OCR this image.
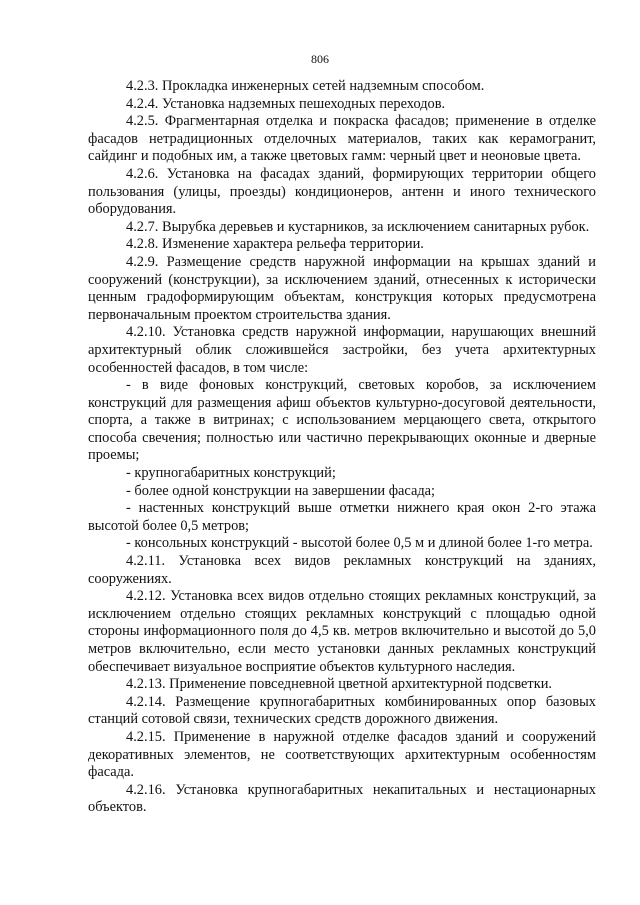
806

4.2.3. Прокладка инженерных сетей надземным способом.

4.2.4. Установка надземных пешеходных переходов.

4.2.5. Фрагментарная отделка и покраска фасадов; применение в отделке фасадов нетрадиционных отделочных материалов, таких как керамогранит, сайдинг и подобных им, а также цветовых гамм: черный цвет и неоновые цвета.

4.2.6. Установка на фасадах зданий, формирующих территории общего пользования (улицы, проезды) кондиционеров, антенн и иного технического оборудования.

4.2.7. Вырубка деревьев и кустарников, за исключением санитарных рубок.

4.2.8. Изменение характера рельефа территории.

4.2.9. Размещение средств наружной информации на крышах зданий и сооружений (конструкции), за исключением зданий, отнесенных к исторически ценным градоформирующим объектам, конструкция которых предусмотрена первоначальным проектом строительства здания.

4.2.10. Установка средств наружной информации, нарушающих внешний архитектурный облик сложившейся застройки, без учета архитектурных особенностей фасадов, в том числе:

- в виде фоновых конструкций, световых коробов, за исключением конструкций для размещения афиш объектов культурно-досуговой деятельности, спорта, а также в витринах; с использованием мерцающего света, открытого способа свечения; полностью или частично перекрывающих оконные и дверные проемы;

- крупногабаритных конструкций;

- более одной конструкции на завершении фасада;

- настенных конструкций выше отметки нижнего края окон 2-го этажа высотой более 0,5 метров;

- консольных конструкций - высотой более 0,5 м и длиной более 1-го метра.

4.2.11. Установка всех видов рекламных конструкций на зданиях, сооружениях.

4.2.12. Установка всех видов отдельно стоящих рекламных конструкций, за исключением отдельно стоящих рекламных конструкций с площадью одной стороны информационного поля до 4,5 кв. метров включительно и высотой до 5,0 метров включительно, если место установки данных рекламных конструкций обеспечивает визуальное восприятие объектов культурного наследия.

4.2.13. Применение повседневной цветной архитектурной подсветки.

4.2.14. Размещение крупногабаритных комбинированных опор базовых станций сотовой связи, технических средств дорожного движения.

4.2.15. Применение в наружной отделке фасадов зданий и сооружений декоративных элементов, не соответствующих архитектурным особенностям фасада.

4.2.16. Установка крупногабаритных некапитальных и нестационарных объектов.
